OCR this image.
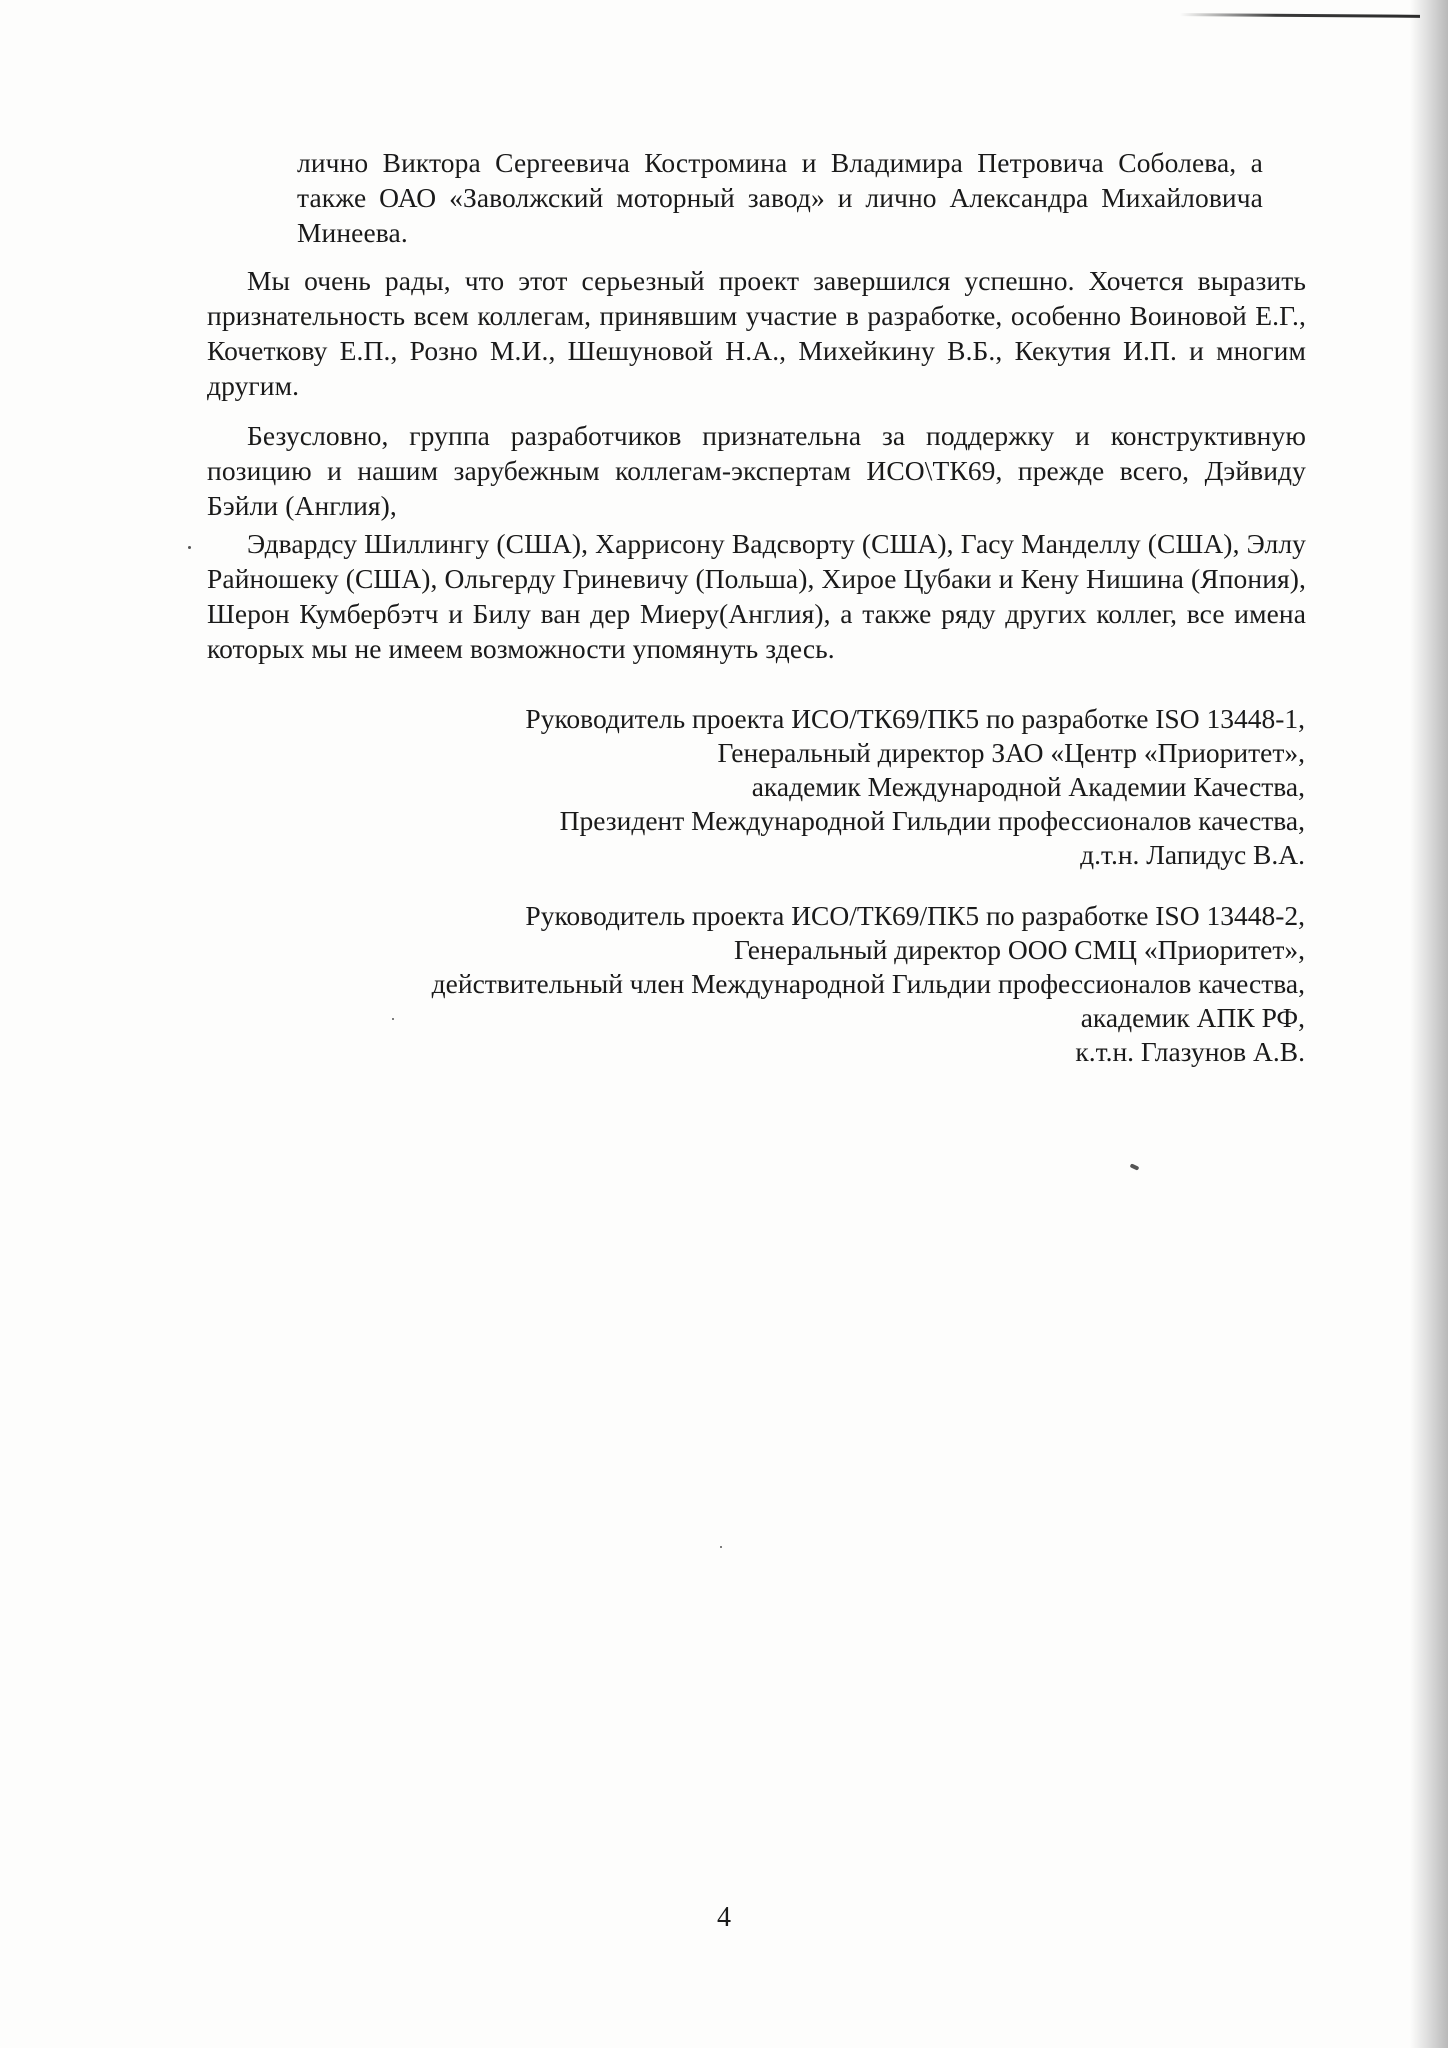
лично Виктора Сергеевича Костромина и Владимира Петровича Соболева, а также ОАО «Заволжский моторный завод» и лично Александра Михайловича Минеева.
Мы очень рады, что этот серьезный проект завершился успешно. Хочется выразить признательность всем коллегам, принявшим участие в разработке, особенно Воиновой Е.Г., Кочеткову Е.П., Розно М.И., Шешуновой Н.А., Михейкину В.Б., Кекутия И.П. и многим другим.
Безусловно, группа разработчиков признательна за поддержку и конструктивную позицию и нашим зарубежным коллегам-экспертам ИСО\ТК69, прежде всего, Дэйвиду Бэйли (Англия),
Эдвардсу Шиллингу (США), Харрисону Вадсворту (США), Гасу Манделлу (США), Эллу Райношеку (США), Ольгерду Гриневичу (Польша), Хирое Цубаки и Кену Нишина (Япония), Шерон Кумбербэтч и Билу ван дер Миеру(Англия), а также ряду других коллег, все имена которых мы не имеем возможности упомянуть здесь.
Руководитель проекта ИСО/ТК69/ПК5 по разработке ISO 13448-1,
Генеральный директор ЗАО «Центр «Приоритет»,
академик Международной Академии Качества,
Президент Международной Гильдии профессионалов качества,
д.т.н. Лапидус В.А.
Руководитель проекта ИСО/ТК69/ПК5 по разработке ISO 13448-2,
Генеральный директор ООО СМЦ «Приоритет»,
действительный член Международной Гильдии профессионалов качества,
академик АПК РФ,
к.т.н. Глазунов А.В.
4
